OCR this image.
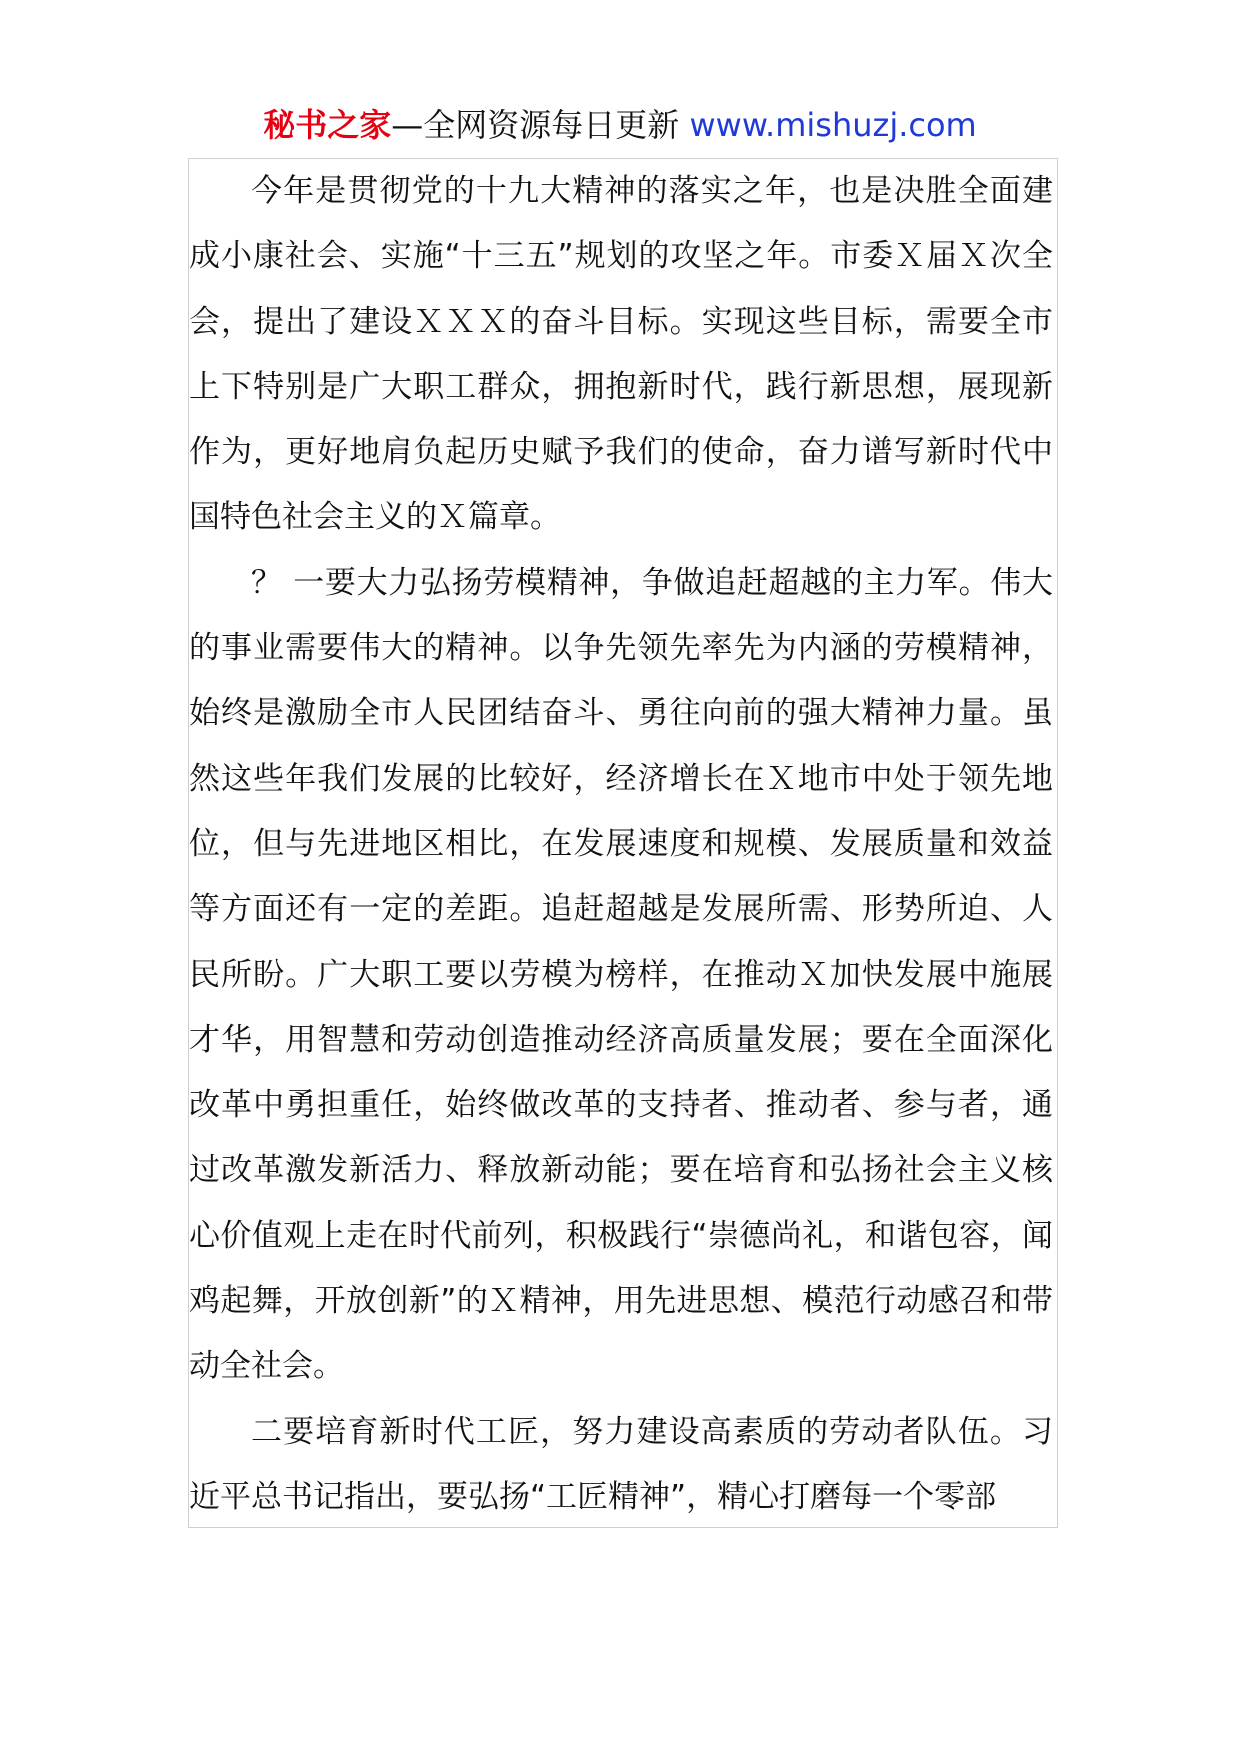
秘书之家—全网资源每日更新 www.mishuzj.com

今年是贯彻党的十九大精神的落实之年，也是决胜全面建成小康社会、实施“十三五”规划的攻坚之年。市委Ｘ届Ｘ次全会，提出了建设ＸＸＸ的奋斗目标。实现这些目标，需要全市上下特别是广大职工群众，拥抱新时代，践行新思想，展现新作为，更好地肩负起历史赋予我们的使命，奋力谱写新时代中国特色社会主义的Ｘ篇章。

？ 一要大力弘扬劳模精神，争做追赶超越的主力军。伟大的事业需要伟大的精神。以争先领先率先为内涵的劳模精神，始终是激励全市人民团结奋斗、勇往向前的强大精神力量。虽然这些年我们发展的比较好，经济增长在Ｘ地市中处于领先地位，但与先进地区相比，在发展速度和规模、发展质量和效益等方面还有一定的差距。追赶超越是发展所需、形势所迫、人民所盼。广大职工要以劳模为榜样，在推动Ｘ加快发展中施展才华，用智慧和劳动创造推动经济高质量发展；要在全面深化改革中勇担重任，始终做改革的支持者、推动者、参与者，通过改革激发新活力、释放新动能；要在培育和弘扬社会主义核心价值观上走在时代前列，积极践行“崇德尚礼，和谐包容，闻鸡起舞，开放创新”的Ｘ精神，用先进思想、模范行动感召和带动全社会。

二要培育新时代工匠，努力建设高素质的劳动者队伍。习近平总书记指出，要弘扬“工匠精神”，精心打磨每一个零部
